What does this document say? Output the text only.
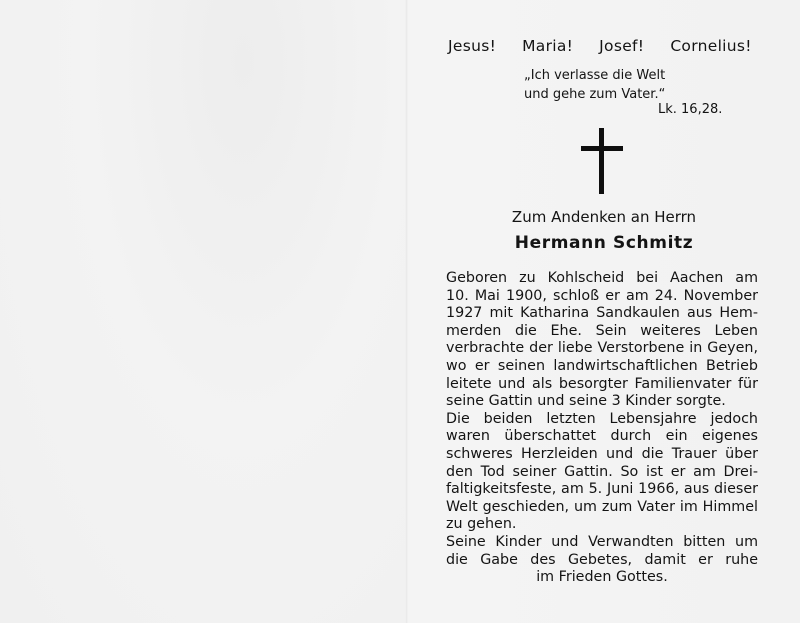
Jesus! Maria! Josef! Cornelius!
„Ich verlasse die Welt
und gehe zum Vater.“
Lk. 16,28.
Zum Andenken an Herrn
Hermann Schmitz
Geboren zu Kohlscheid bei Aachen am
10. Mai 1900, schloß er am 24. November
1927 mit Katharina Sandkaulen aus Hem-
merden die Ehe. Sein weiteres Leben
verbrachte der liebe Verstorbene in Geyen,
wo er seinen landwirtschaftlichen Betrieb
leitete und als besorgter Familienvater für
seine Gattin und seine 3 Kinder sorgte.
Die beiden letzten Lebensjahre jedoch
waren überschattet durch ein eigenes
schweres Herzleiden und die Trauer über
den Tod seiner Gattin. So ist er am Drei-
faltigkeitsfeste, am 5. Juni 1966, aus dieser
Welt geschieden, um zum Vater im Himmel
zu gehen.
Seine Kinder und Verwandten bitten um
die Gabe des Gebetes, damit er ruhe
im Frieden Gottes.
